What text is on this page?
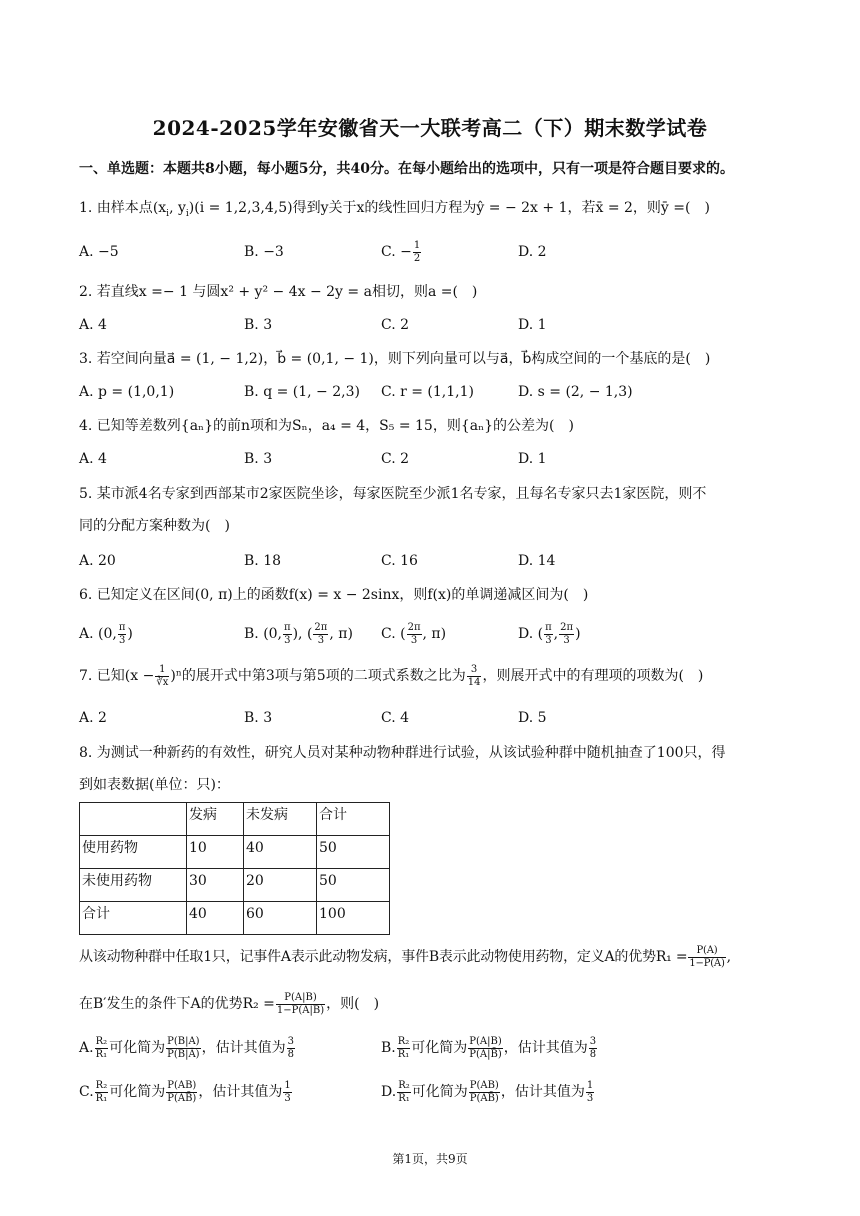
2024-2025学年安徽省天一大联考高二（下）期末数学试卷
一、单选题：本题共8小题，每小题5分，共40分。在每小题给出的选项中，只有一项是符合题目要求的。
1. 由样本点($x_i$, $y_i)(i = 1,2,3,4,5)$得到y关于x的线性回归方程为ŷ = − 2x + 1，若x̄ = 2，则ȳ =(　)
A. −5	B. −3	C. − $\frac{1}{2}$	D. 2
2. 若直线x =− 1 与圆x² + y² − 4x − 2y = a相切，则a =(　)
A. 4	B. 3	C. 2	D. 1
3. 若空间向量a⃗ = (1, − 1,2)，b⃗ = (0,1, − 1)，则下列向量可以与a⃗，b⃗构成空间的一个基底的是(　)
A. p = (1,0,1)	B. q = (1, − 2,3) C. r = (1,1,1)	D. s = (2, − 1,3)
4. 已知等差数列{aₙ}的前n项和为Sₙ，a₄ = 4，S₅ = 15，则{aₙ}的公差为(　)
A. 4	B. 3	C. 2	D. 1
5. 某市派4名专家到西部某市2家医院坐诊，每家医院至少派1名专家，且每名专家只去1家医院，则不
同的分配方案种数为(　)
A. 20	B. 18	C. 16	D. 14
6. 已知定义在区间(0, π)上的函数f(x) = x − 2sinx，则f(x)的单调递减区间为(　)
A. (0, $\frac{\pi}{3}$ )	B. (0, $\frac{\pi}{3}$ ), ( $\frac{2\pi}{3}$ , π) C. ( $\frac{2\pi}{3}$ , π)	D. ( $\frac{\pi}{3}$ , $\frac{2\pi}{3}$ )
7. 已知$(x - \frac{1}{∛x} )^n$的展开式中第3项与第5项的二项式系数之比为 $\frac{3}{14}$ ，则展开式中的有理项的项数为(　)
A. 2	B. 3	C. 4	D. 5
8. 为测试一种新药的有效性，研究人员对某种动物种群进行试验，从该试验种群中随机抽查了100只，得
到如表数据(单位：只)：
	发病	未发病	合计
使用药物	10	40	50
未使用药物	30	20	50
合计	40	60	100
从该动物种群中任取1只，记事件A表示此动物发病，事件B表示此动物使用药物，定义A的优势$R_1 = \frac{P(A)}{1-P(A)}$ ,
在B′发生的条件下A的优势$R_2 = \frac{P(A|B)}{1-P(A|B)}$ ，则(　)
A. $\frac{\text{R₂}}{\text{R₁}}$ 可化简为 $\frac{P(B|A)}{P(B|Ā)}$ ，估计其值为 $\frac{3}{8}$	B. $\frac{\text{R₂}}{\text{R₁}}$ 可化简为 $\frac{P(A|B)}{P(A|B̄)}$ ，估计其值为 $\frac{3}{8}$
C. $\frac{\text{R₂}}{\text{R₁}}$ 可化简为 $\frac{P(AB)}{P(AB̄)}$ ，估计其值为 $\frac{1}{3}$	D. $\frac{\text{R₂}}{\text{R₁}}$ 可化简为 $\frac{P(AB)}{P(AB̄)}$ ，估计其值为 $\frac{1}{3}$
第1页，共9页
